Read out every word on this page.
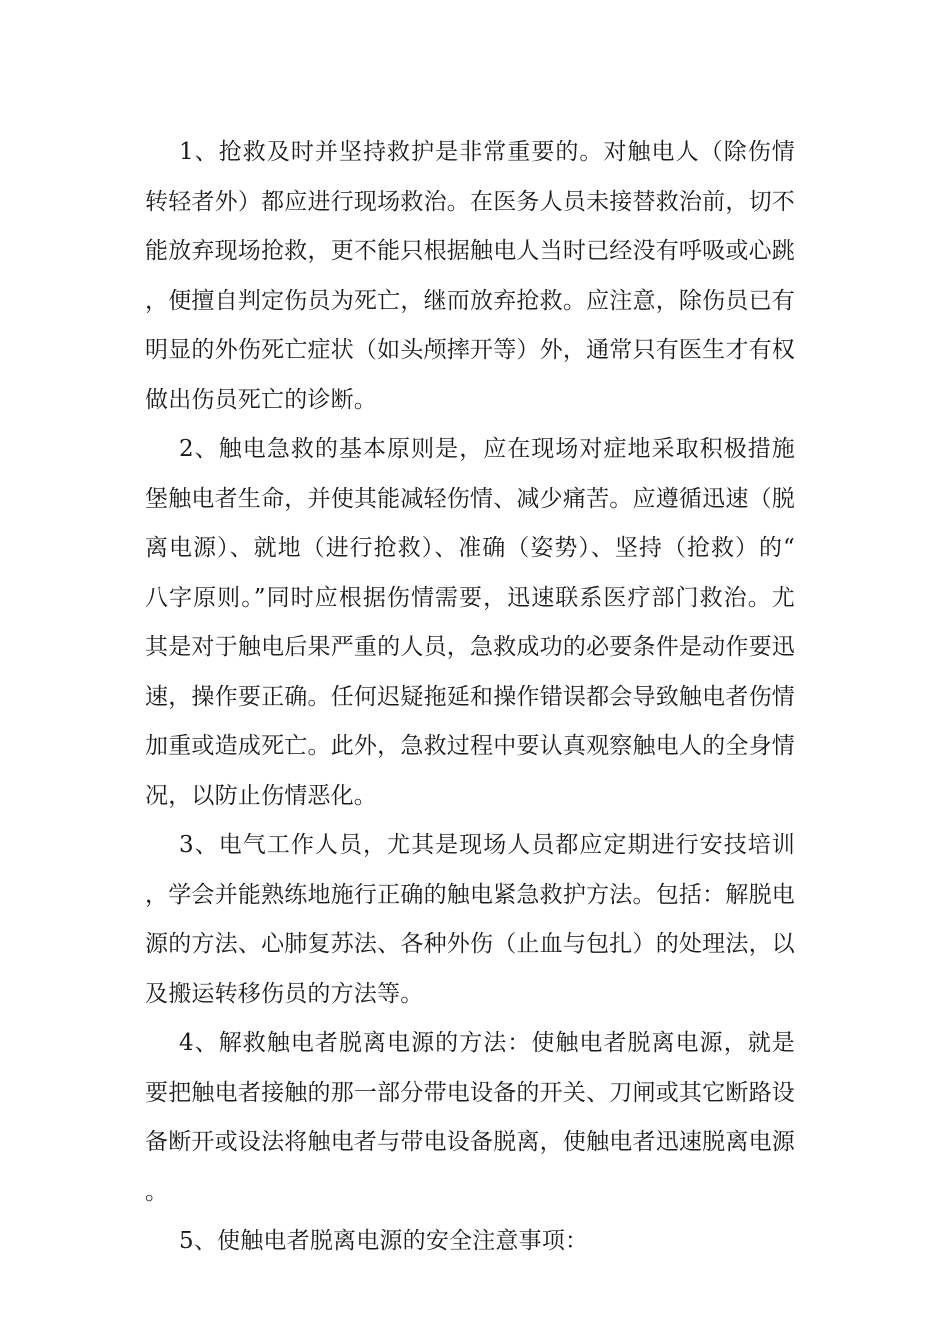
1、抢救及时并坚持救护是非常重要的。对触电人（除伤情转轻者外）都应进行现场救治。在医务人员未接替救治前，切不能放弃现场抢救，更不能只根据触电人当时已经没有呼吸或心跳，便擅自判定伤员为死亡，继而放弃抢救。应注意，除伤员已有明显的外伤死亡症状（如头颅摔开等）外，通常只有医生才有权做出伤员死亡的诊断。

2、触电急救的基本原则是，应在现场对症地采取积极措施堡触电者生命，并使其能减轻伤情、减少痛苦。应遵循迅速（脱离电源）、就地（进行抢救）、准确（姿势）、坚持（抢救）的“八字原则。”同时应根据伤情需要，迅速联系医疗部门救治。尤其是对于触电后果严重的人员，急救成功的必要条件是动作要迅速，操作要正确。任何迟疑拖延和操作错误都会导致触电者伤情加重或造成死亡。此外，急救过程中要认真观察触电人的全身情况，以防止伤情恶化。

3、电气工作人员，尤其是现场人员都应定期进行安技培训，学会并能熟练地施行正确的触电紧急救护方法。包括：解脱电源的方法、心肺复苏法、各种外伤（止血与包扎）的处理法，以及搬运转移伤员的方法等。

4、解救触电者脱离电源的方法：使触电者脱离电源，就是要把触电者接触的那一部分带电设备的开关、刀闸或其它断路设备断开或设法将触电者与带电设备脱离，使触电者迅速脱离电源。

5、使触电者脱离电源的安全注意事项：
